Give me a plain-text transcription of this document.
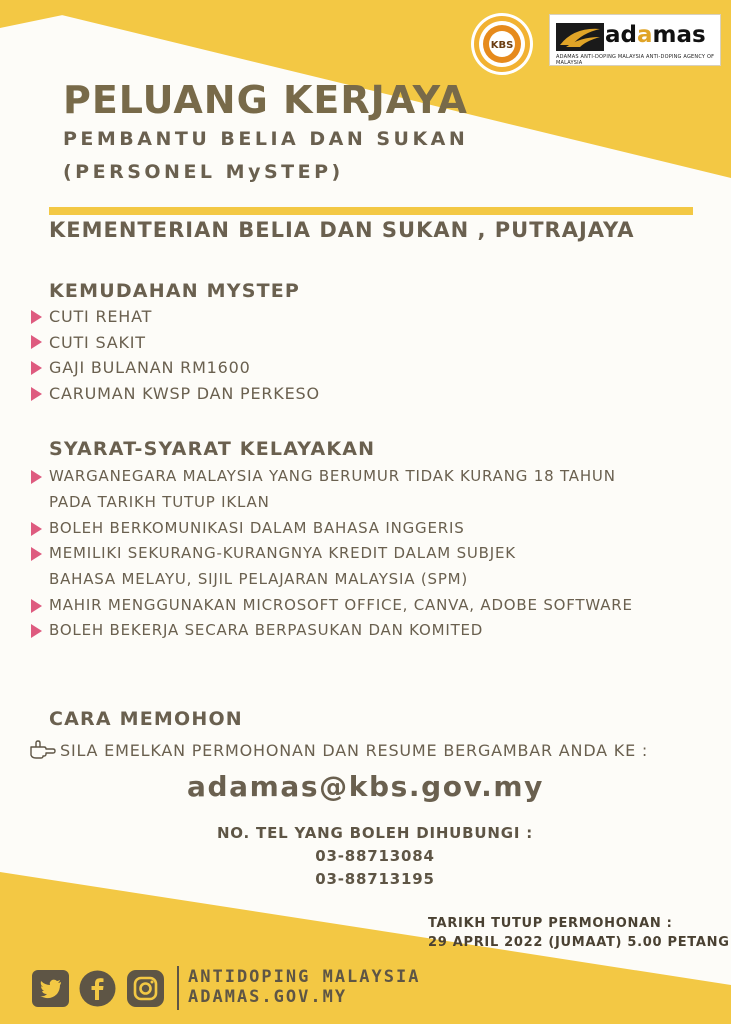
KBS	adamas
ADAMAS ANTI-DOPING MALAYSIA ANTI-DOPING AGENCY OF MALAYSIA
PELUANG KERJAYA
PEMBANTU BELIA DAN SUKAN
(PERSONEL MySTEP)
KEMENTERIAN BELIA DAN SUKAN , PUTRAJAYA
KEMUDAHAN MYSTEP
CUTI REHAT
CUTI SAKIT
GAJI BULANAN RM1600
CARUMAN KWSP DAN PERKESO
SYARAT-SYARAT KELAYAKAN
WARGANEGARA MALAYSIA YANG BERUMUR TIDAK KURANG 18 TAHUN
PADA TARIKH TUTUP IKLAN
BOLEH BERKOMUNIKASI DALAM BAHASA INGGERIS
MEMILIKI SEKURANG-KURANGNYA KREDIT DALAM SUBJEK
BAHASA MELAYU, SIJIL PELAJARAN MALAYSIA (SPM)
MAHIR MENGGUNAKAN MICROSOFT OFFICE, CANVA, ADOBE SOFTWARE
BOLEH BEKERJA SECARA BERPASUKAN DAN KOMITED
CARA MEMOHON
SILA EMELKAN PERMOHONAN DAN RESUME BERGAMBAR ANDA KE :
adamas@kbs.gov.my
NO. TEL YANG BOLEH DIHUBUNGI :
03-88713084
03-88713195
TARIKH TUTUP PERMOHONAN :
29 APRIL 2022 (JUMAAT) 5.00 PETANG
ANTIDOPING MALAYSIA
ADAMAS.GOV.MY
